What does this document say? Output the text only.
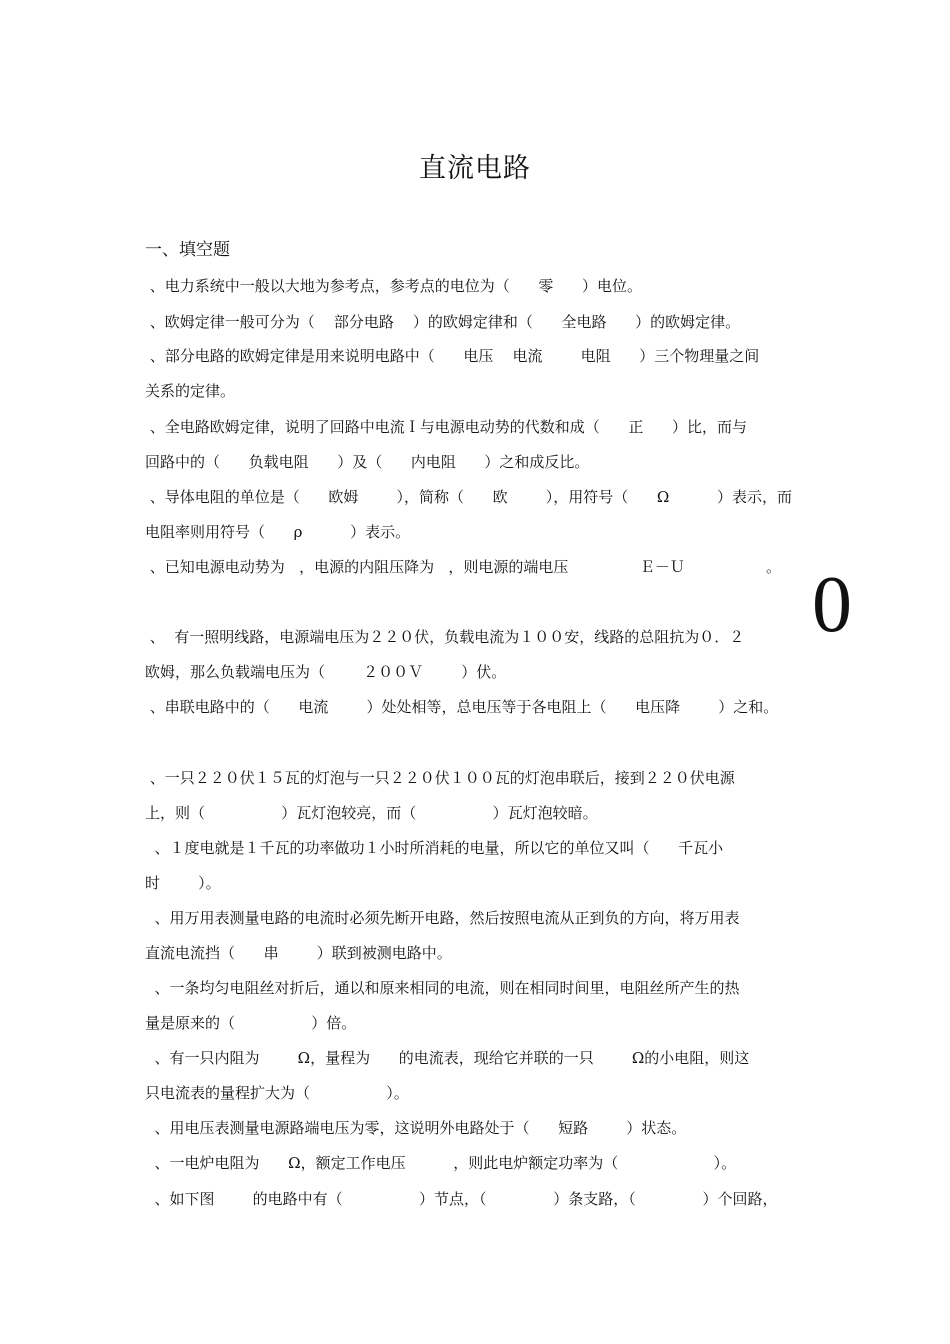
直流电路
一、填空题
、电力系统中一般以大地为参考点，参考点的电位为（      零      ）电位。
、欧姆定律一般可分为（    部分电路    ）的欧姆定律和（      全电路      ）的欧姆定律。
、部分电路的欧姆定律是用来说明电路中（      电压    电流        电阻      ）三个物理量之间
关系的定律。
、全电路欧姆定律，说明了回路中电流Ｉ与电源电动势的代数和成（      正      ）比，而与
回路中的（      负载电阻      ）及（      内电阻      ）之和成反比。
、导体电阻的单位是（      欧姆        ），简称（      欧        ），用符号（      Ω          ）表示，而
电阻率则用符号（      ρ          ）表示。
、已知电源电动势为   ，电源的内阻压降为   ，则电源的端电压               Ｅ－Ｕ                 。 0
、  有一照明线路，电源端电压为２２０伏，负载电流为１００安，线路的总阻抗为０．２
欧姆，那么负载端电压为（        ２００Ｖ        ）伏。
、串联电路中的（      电流        ）处处相等，总电压等于各电阻上（      电压降        ）之和。
、一只２２０伏１５瓦的灯泡与一只２２０伏１００瓦的灯泡串联后，接到２２０伏电源
上，则（                ）瓦灯泡较亮，而（                ）瓦灯泡较暗。
、１度电就是１千瓦的功率做功１小时所消耗的电量，所以它的单位又叫（      千瓦小
时        ）。
、用万用表测量电路的电流时必须先断开电路，然后按照电流从正到负的方向，将万用表
直流电流挡（      串        ）联到被测电路中。
、一条均匀电阻丝对折后，通以和原来相同的电流，则在相同时间里，电阻丝所产生的热
量是原来的（                ）倍。
、有一只内阻为        Ω，量程为      的电流表，现给它并联的一只        Ω的小电阻，则这
只电流表的量程扩大为（                ）。
、用电压表测量电源路端电压为零，这说明外电路处于（      短路        ）状态。
、一电炉电阻为      Ω，额定工作电压          ，则此电炉额定功率为（                    ）。
、如下图        的电路中有（                ）节点，（              ）条支路，（              ）个回路，
